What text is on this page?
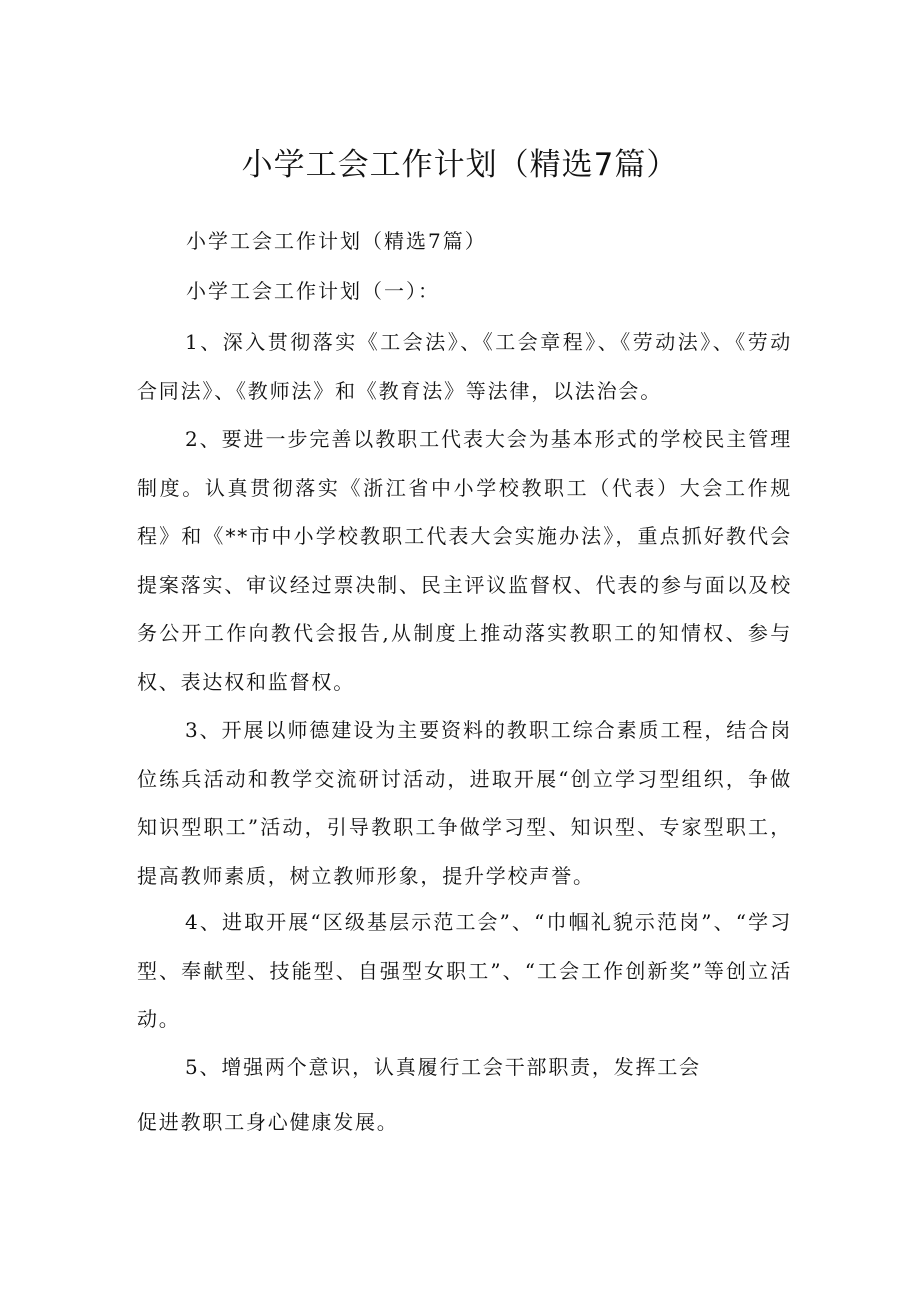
小学工会工作计划（精选7篇）

小学工会工作计划（精选7篇）

小学工会工作计划（一）：

1、深入贯彻落实《工会法》、《工会章程》、《劳动法》、《劳动合同法》、《教师法》和《教育法》等法律，以法治会。

2、要进一步完善以教职工代表大会为基本形式的学校民主管理制度。认真贯彻落实《浙江省中小学校教职工（代表）大会工作规程》和《**市中小学校教职工代表大会实施办法》，重点抓好教代会提案落实、审议经过票决制、民主评议监督权、代表的参与面以及校务公开工作向教代会报告,从制度上推动落实教职工的知情权、参与权、表达权和监督权。

3、开展以师德建设为主要资料的教职工综合素质工程，结合岗位练兵活动和教学交流研讨活动，进取开展“创立学习型组织，争做知识型职工”活动，引导教职工争做学习型、知识型、专家型职工，提高教师素质，树立教师形象，提升学校声誉。

4、进取开展“区级基层示范工会”、“巾帼礼貌示范岗”、“学习型、奉献型、技能型、自强型女职工”、“工会工作创新奖”等创立活动。

5、增强两个意识，认真履行工会干部职责，发挥工会

促进教职工身心健康发展。
